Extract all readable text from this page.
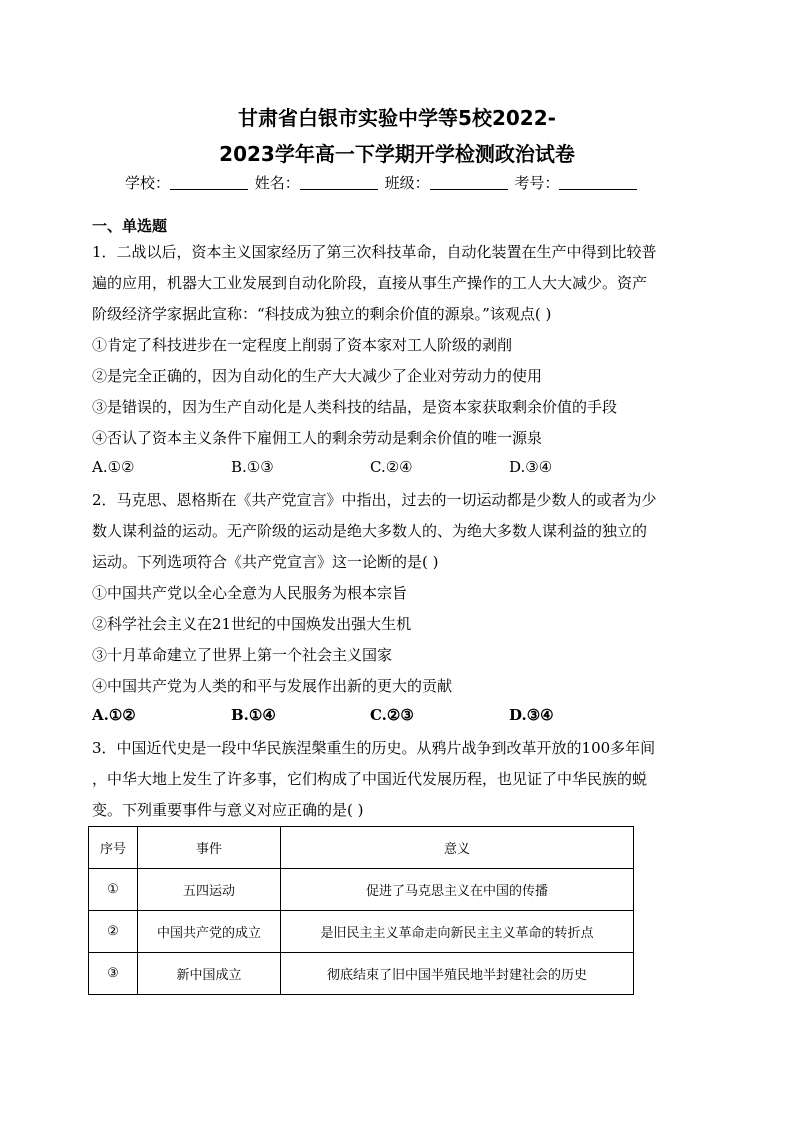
甘肃省白银市实验中学等5校2022-
2023学年高一下学期开学检测政治试卷
学校：	姓名：	班级：	考号：
一、单选题
1．二战以后，资本主义国家经历了第三次科技革命，自动化装置在生产中得到比较普
遍的应用，机器大工业发展到自动化阶段，直接从事生产操作的工人大大减少。资产
阶级经济学家据此宣称：“科技成为独立的剩余价值的源泉。”该观点( )
①肯定了科技进步在一定程度上削弱了资本家对工人阶级的剥削
②是完全正确的，因为自动化的生产大大减少了企业对劳动力的使用
③是错误的，因为生产自动化是人类科技的结晶，是资本家获取剩余价值的手段
④否认了资本主义条件下雇佣工人的剩余劳动是剩余价值的唯一源泉
A.①②	B.①③	C.②④	D.③④
2．马克思、恩格斯在《共产党宣言》中指出，过去的一切运动都是少数人的或者为少
数人谋利益的运动。无产阶级的运动是绝大多数人的、为绝大多数人谋利益的独立的
运动。下列选项符合《共产党宣言》这一论断的是( )
①中国共产党以全心全意为人民服务为根本宗旨
②科学社会主义在21世纪的中国焕发出强大生机
③十月革命建立了世界上第一个社会主义国家
④中国共产党为人类的和平与发展作出新的更大的贡献
A.①②	B.①④	C.②③	D.③④
3．中国近代史是一段中华民族涅槃重生的历史。从鸦片战争到改革开放的100多年间
，中华大地上发生了许多事，它们构成了中国近代发展历程，也见证了中华民族的蜕
变。下列重要事件与意义对应正确的是( )
序号	事件	意义
①	五四运动	促进了马克思主义在中国的传播
②	中国共产党的成立	是旧民主主义革命走向新民主主义革命的转折点
③	新中国成立	彻底结束了旧中国半殖民地半封建社会的历史
